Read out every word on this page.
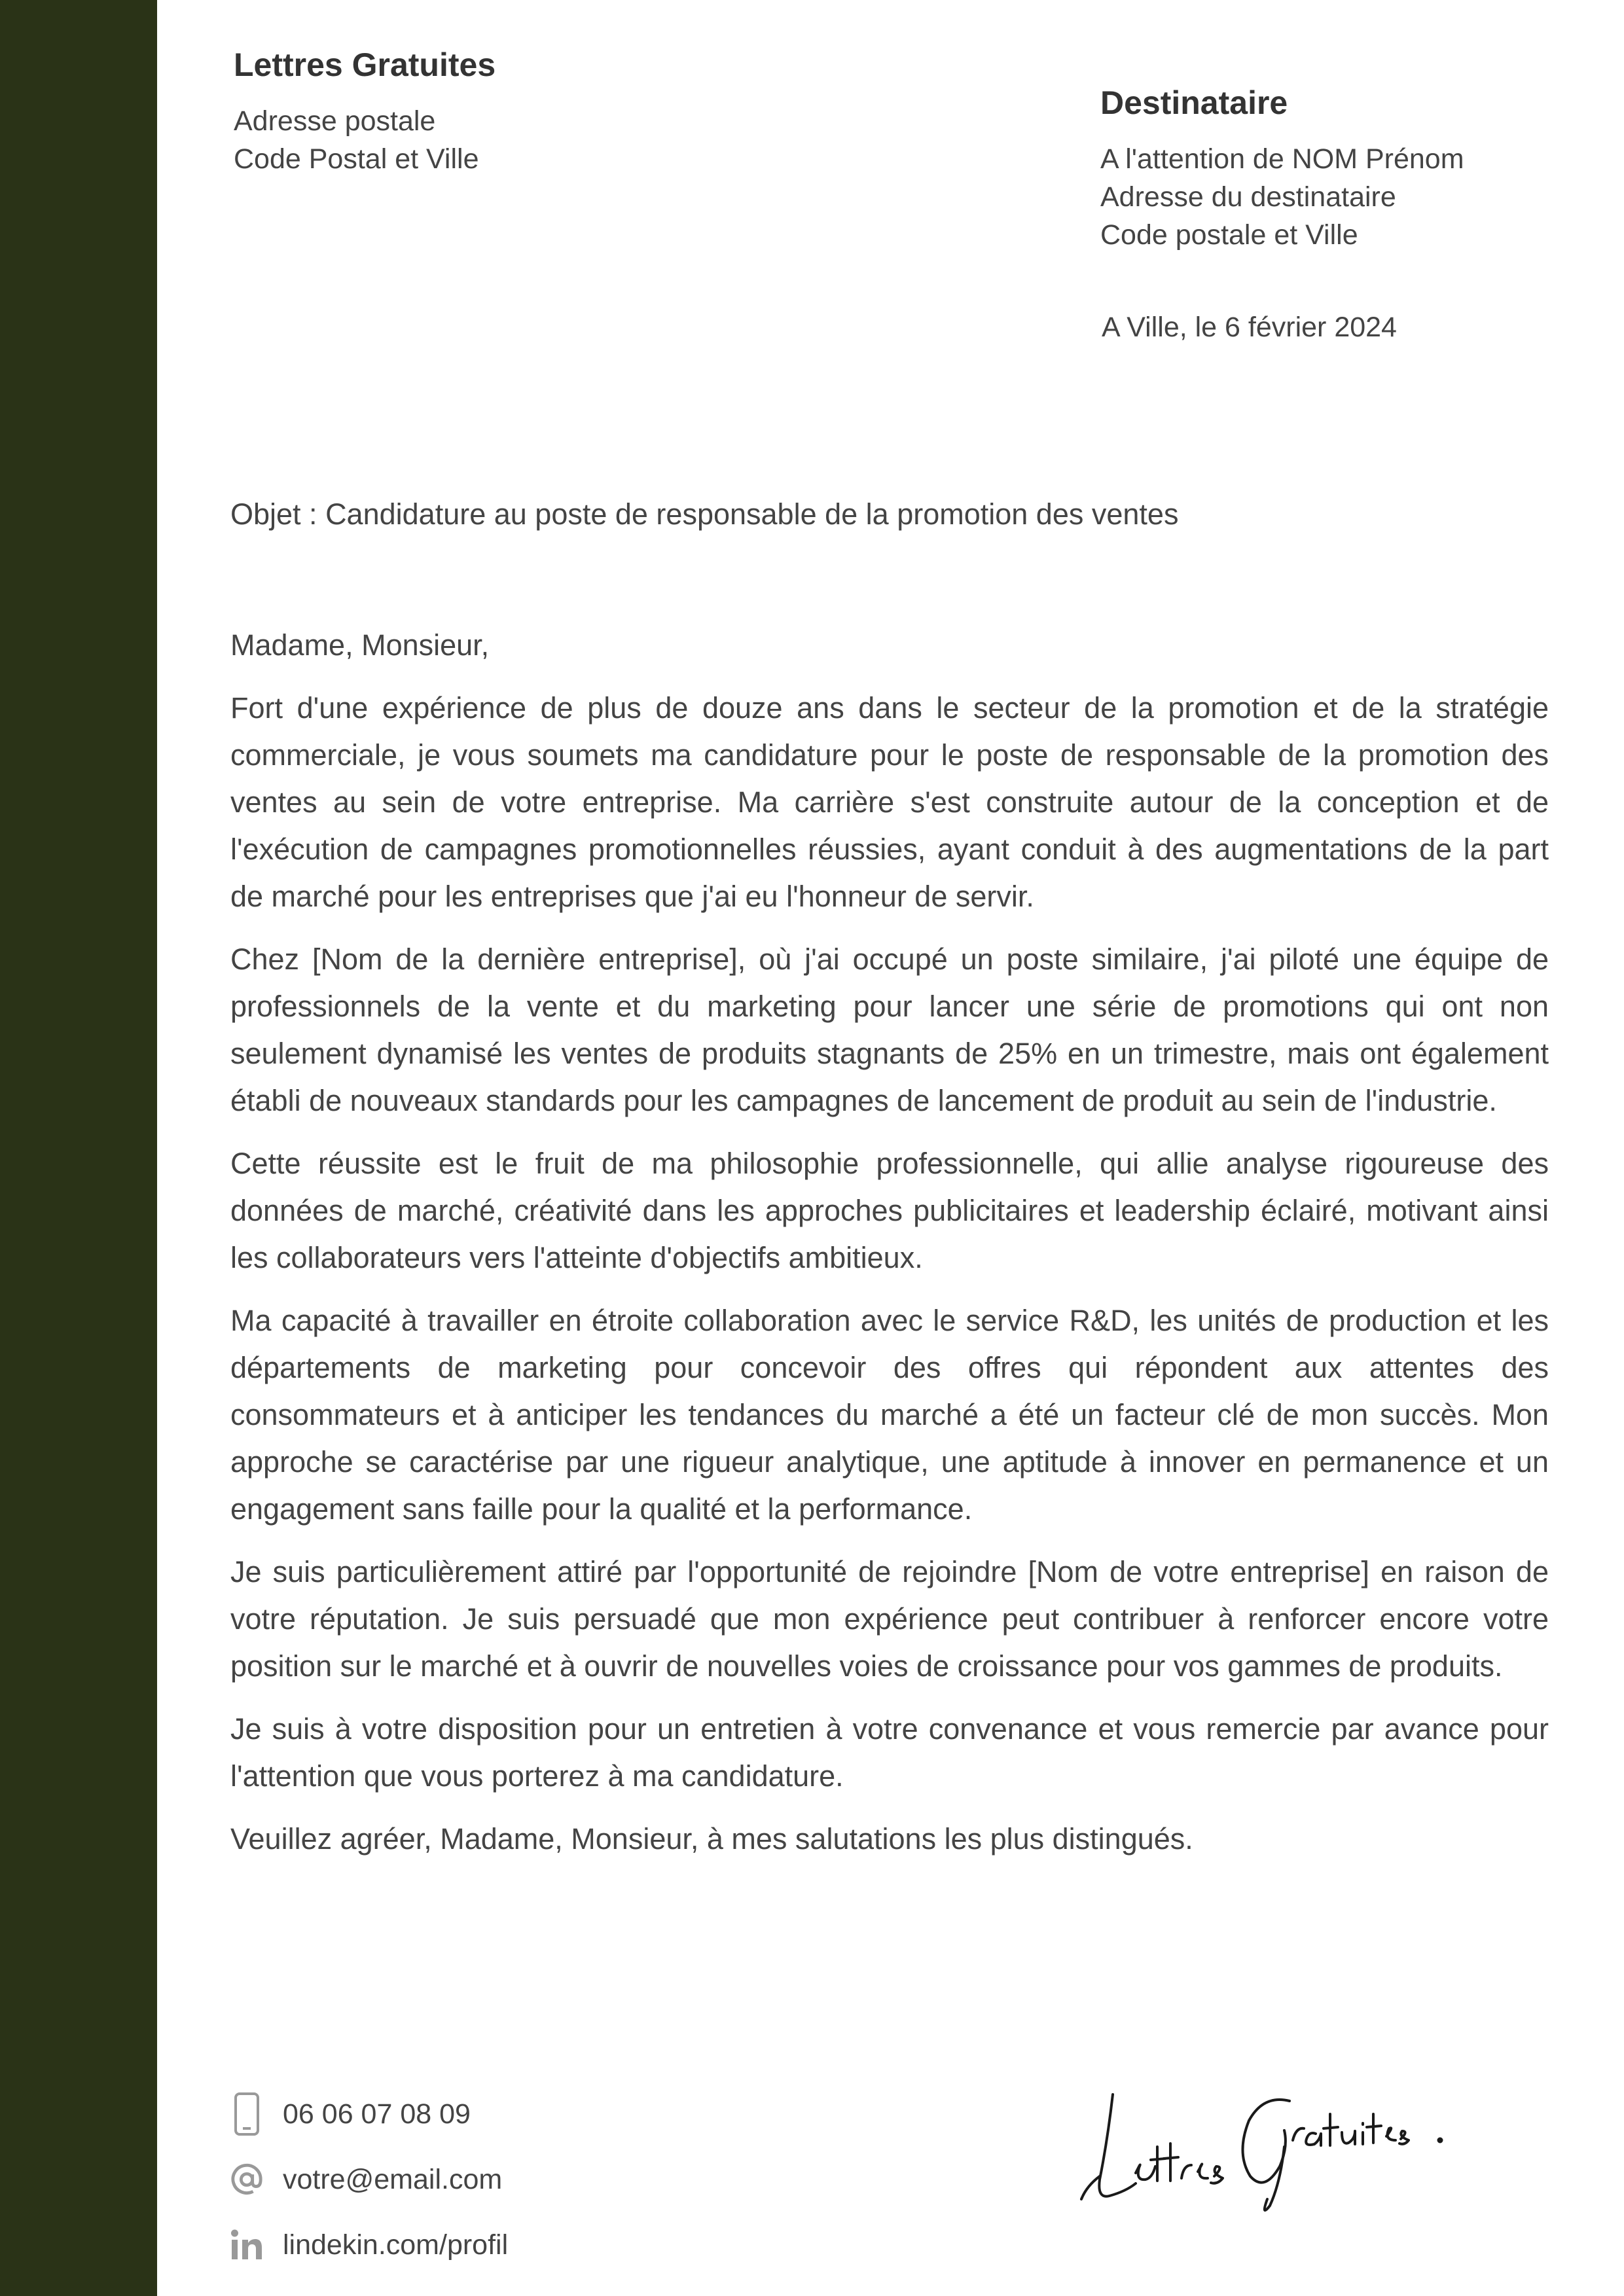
Lettres Gratuites
Adresse postale
Code Postal et Ville
Destinataire
A l'attention de NOM Prénom
Adresse du destinataire
Code postale et Ville
A Ville, le 6 février 2024
Objet : Candidature au poste de responsable de la promotion des ventes

Madame, Monsieur,

Fort d'une expérience de plus de douze ans dans le secteur de la promotion et de la stratégie commerciale, je vous soumets ma candidature pour le poste de responsable de la promotion des ventes au sein de votre entreprise. Ma carrière s'est construite autour de la conception et de l'exécution de campagnes promotionnelles réussies, ayant conduit à des augmentations de la part de marché pour les entreprises que j'ai eu l'honneur de servir.

Chez [Nom de la dernière entreprise], où j'ai occupé un poste similaire, j'ai piloté une équipe de professionnels de la vente et du marketing pour lancer une série de promotions qui ont non seulement dynamisé les ventes de produits stagnants de 25% en un trimestre, mais ont également établi de nouveaux standards pour les campagnes de lancement de produit au sein de l'industrie.

Cette réussite est le fruit de ma philosophie professionnelle, qui allie analyse rigoureuse des données de marché, créativité dans les approches publicitaires et leadership éclairé, motivant ainsi les collaborateurs vers l'atteinte d'objectifs ambitieux.

Ma capacité à travailler en étroite collaboration avec le service R&D, les unités de production et les départements de marketing pour concevoir des offres qui répondent aux attentes des consommateurs et à anticiper les tendances du marché a été un facteur clé de mon succès. Mon approche se caractérise par une rigueur analytique, une aptitude à innover en permanence et un engagement sans faille pour la qualité et la performance.

Je suis particulièrement attiré par l'opportunité de rejoindre [Nom de votre entreprise] en raison de votre réputation. Je suis persuadé que mon expérience peut contribuer à renforcer encore votre position sur le marché et à ouvrir de nouvelles voies de croissance pour vos gammes de produits.

Je suis à votre disposition pour un entretien à votre convenance et vous remercie par avance pour l'attention que vous porterez à ma candidature.

Veuillez agréer, Madame, Monsieur, à mes salutations les plus distingués.

06 06 07 08 09
votre@email.com
lindekin.com/profil
